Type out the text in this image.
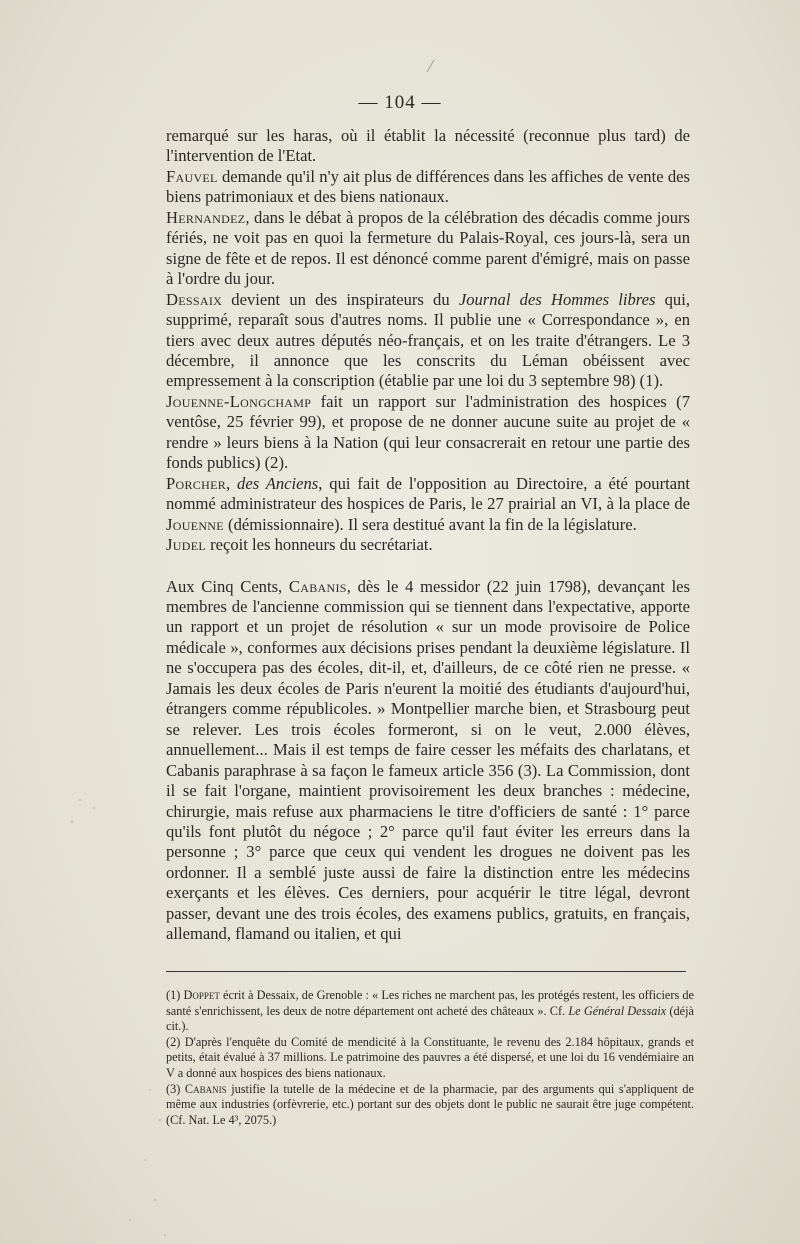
— 104 —

remarqué sur les haras, où il établit la nécessité (reconnue plus tard) de l'intervention de l'Etat.

Fauvel demande qu'il n'y ait plus de différences dans les affiches de vente des biens patrimoniaux et des biens nationaux.

Hernandez, dans le débat à propos de la célébration des décadis comme jours fériés, ne voit pas en quoi la fermeture du Palais-Royal, ces jours-là, sera un signe de fête et de repos. Il est dénoncé comme parent d'émigré, mais on passe à l'ordre du jour.

Dessaix devient un des inspirateurs du Journal des Hommes libres qui, supprimé, reparaît sous d'autres noms. Il publie une « Correspondance », en tiers avec deux autres députés néo-français, et on les traite d'étrangers. Le 3 décembre, il annonce que les conscrits du Léman obéissent avec empressement à la conscription (établie par une loi du 3 septembre 98) (1).

Jouenne-Longchamp fait un rapport sur l'administration des hospices (7 ventôse, 25 février 99), et propose de ne donner aucune suite au projet de « rendre » leurs biens à la Nation (qui leur consacrerait en retour une partie des fonds publics) (2).

Porcher, des Anciens, qui fait de l'opposition au Directoire, a été pourtant nommé administrateur des hospices de Paris, le 27 prairial an VI, à la place de Jouenne (démissionnaire). Il sera destitué avant la fin de la législature.

Judel reçoit les honneurs du secrétariat.

Aux Cinq Cents, Cabanis, dès le 4 messidor (22 juin 1798), devançant les membres de l'ancienne commission qui se tiennent dans l'expectative, apporte un rapport et un projet de résolution « sur un mode provisoire de Police médicale », conformes aux décisions prises pendant la deuxième législature. Il ne s'occupera pas des écoles, dit-il, et, d'ailleurs, de ce côté rien ne presse. « Jamais les deux écoles de Paris n'eurent la moitié des étudiants d'aujourd'hui, étrangers comme républicoles. » Montpellier marche bien, et Strasbourg peut se relever. Les trois écoles formeront, si on le veut, 2.000 élèves, annuellement... Mais il est temps de faire cesser les méfaits des charlatans, et Cabanis paraphrase à sa façon le fameux article 356 (3). La Commission, dont il se fait l'organe, maintient provisoirement les deux branches : médecine, chirurgie, mais refuse aux pharmaciens le titre d'officiers de santé : 1° parce qu'ils font plutôt du négoce ; 2° parce qu'il faut éviter les erreurs dans la personne ; 3° parce que ceux qui vendent les drogues ne doivent pas les ordonner. Il a semblé juste aussi de faire la distinction entre les médecins exerçants et les élèves. Ces derniers, pour acquérir le titre légal, devront passer, devant une des trois écoles, des examens publics, gratuits, en français, allemand, flamand ou italien, et qui

(1) Doppet écrit à Dessaix, de Grenoble : « Les riches ne marchent pas, les protégés restent, les officiers de santé s'enrichissent, les deux de notre département ont acheté des châteaux ». Cf. Le Général Dessaix (déjà cit.).

(2) D'après l'enquête du Comité de mendicité à la Constituante, le revenu des 2.184 hôpitaux, grands et petits, était évalué à 37 millions. Le patrimoine des pauvres a été dispersé, et une loi du 16 vendémiaire an V a donné aux hospices des biens nationaux.

(3) Cabanis justifie la tutelle de la médecine et de la pharmacie, par des arguments qui s'appliquent de même aux industries (orfèvrerie, etc.) portant sur des objets dont le public ne saurait être juge compétent. (Cf. Nat. Le 4³, 2075.)
